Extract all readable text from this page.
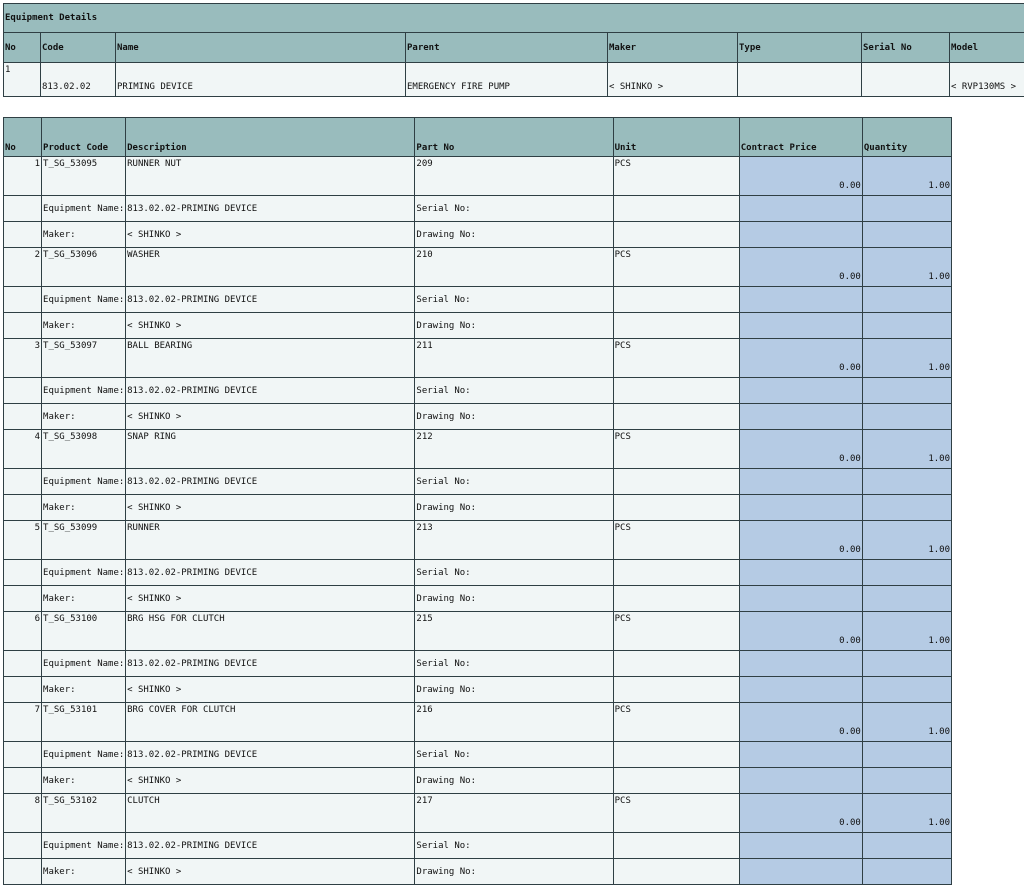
Equipment Details							
No	Code	Name	Parent	Maker	Type	Serial No	Model
1	813.02.02	PRIMING DEVICE	EMERGENCY FIRE PUMP	< SHINKO >			< RVP130MS >
No	Product Code	Description	Part No	Unit	Contract Price	Quantity
1	T_SG_53095	RUNNER NUT	209	PCS	0.00	1.00
	Equipment Name:	813.02.02-PRIMING DEVICE	Serial No:			
	Maker:	< SHINKO >	Drawing No:			
2	T_SG_53096	WASHER	210	PCS	0.00	1.00
	Equipment Name:	813.02.02-PRIMING DEVICE	Serial No:			
	Maker:	< SHINKO >	Drawing No:			
3	T_SG_53097	BALL BEARING	211	PCS	0.00	1.00
	Equipment Name:	813.02.02-PRIMING DEVICE	Serial No:			
	Maker:	< SHINKO >	Drawing No:			
4	T_SG_53098	SNAP RING	212	PCS	0.00	1.00
	Equipment Name:	813.02.02-PRIMING DEVICE	Serial No:			
	Maker:	< SHINKO >	Drawing No:			
5	T_SG_53099	RUNNER	213	PCS	0.00	1.00
	Equipment Name:	813.02.02-PRIMING DEVICE	Serial No:			
	Maker:	< SHINKO >	Drawing No:			
6	T_SG_53100	BRG HSG FOR CLUTCH	215	PCS	0.00	1.00
	Equipment Name:	813.02.02-PRIMING DEVICE	Serial No:			
	Maker:	< SHINKO >	Drawing No:			
7	T_SG_53101	BRG COVER FOR CLUTCH	216	PCS	0.00	1.00
	Equipment Name:	813.02.02-PRIMING DEVICE	Serial No:			
	Maker:	< SHINKO >	Drawing No:			
8	T_SG_53102	CLUTCH	217	PCS	0.00	1.00
	Equipment Name:	813.02.02-PRIMING DEVICE	Serial No:			
	Maker:	< SHINKO >	Drawing No:			
